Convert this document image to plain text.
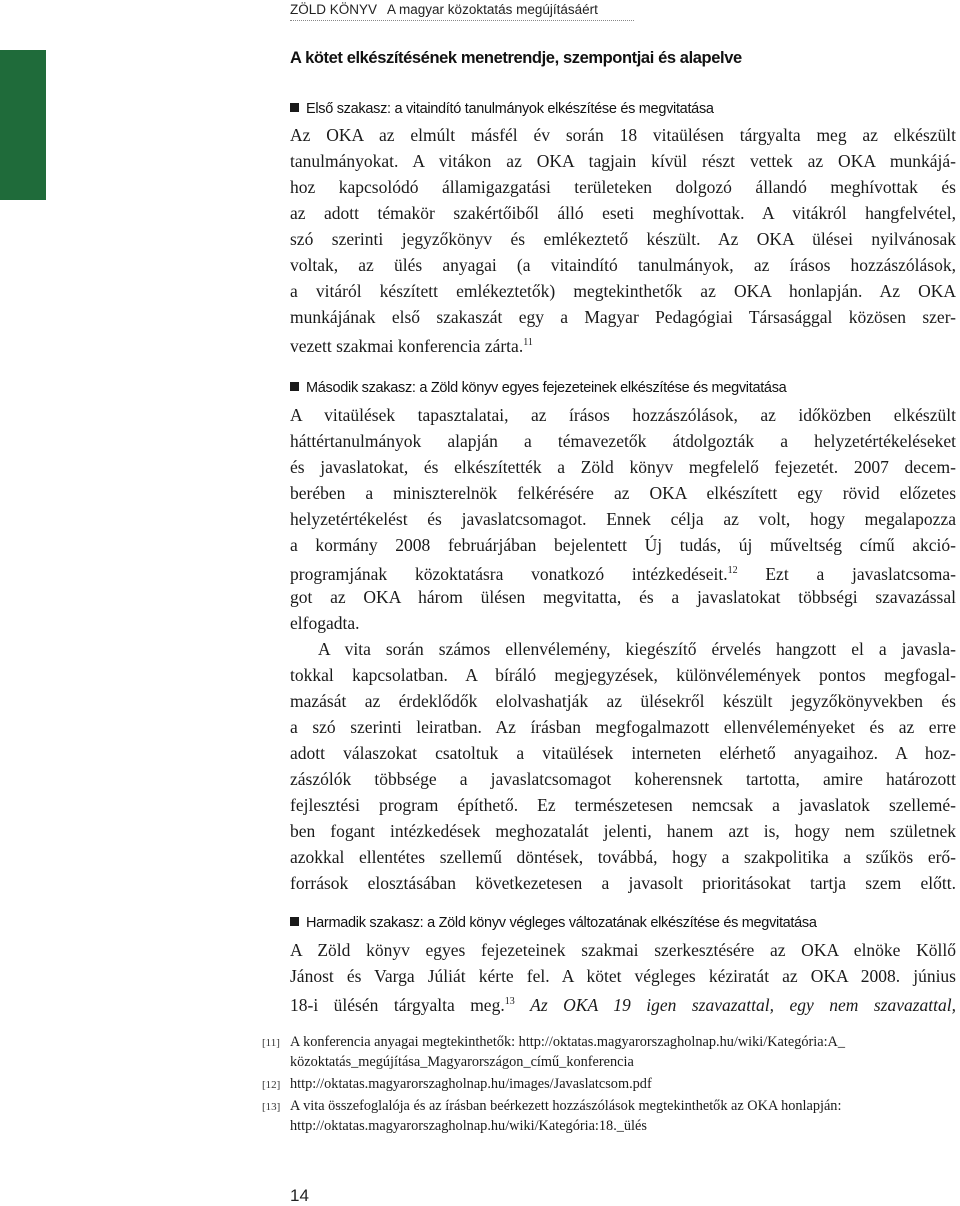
ZÖLD KÖNYV A magyar közoktatás megújításáért
A kötet elkészítésének menetrendje, szempontjai és alapelve
Első szakasz: a vitaindító tanulmányok elkészítése és megvitatása
Az OKA az elmúlt másfél év során 18 vitaülésen tárgyalta meg az elkészült
tanulmányokat. A vitákon az OKA tagjain kívül részt vettek az OKA munkájá-
hoz kapcsolódó államigazgatási területeken dolgozó állandó meghívottak és
az adott témakör szakértőiből álló eseti meghívottak. A vitákról hangfelvétel,
szó szerinti jegyzőkönyv és emlékeztető készült. Az OKA ülései nyilvánosak
voltak, az ülés anyagai (a vitaindító tanulmányok, az írásos hozzászólások,
a vitáról készített emlékeztetők) megtekinthetők az OKA honlapján. Az OKA
munkájának első szakaszát egy a Magyar Pedagógiai Társasággal közösen szer-
vezett szakmai konferencia zárta.$^{11}$
Második szakasz: a Zöld könyv egyes fejezeteinek elkészítése és megvitatása
A vitaülések tapasztalatai, az írásos hozzászólások, az időközben elkészült
háttértanulmányok alapján a témavezetők átdolgozták a helyzetértékeléseket
és javaslatokat, és elkészítették a Zöld könyv megfelelő fejezetét. 2007 decem-
berében a miniszterelnök felkérésére az OKA elkészített egy rövid előzetes
helyzetértékelést és javaslatcsomagot. Ennek célja az volt, hogy megalapozza
a kormány 2008 februárjában bejelentett Új tudás, új műveltség című akció-
programjának közoktatásra vonatkozó intézkedéseit.$^{12}$ Ezt a javaslatcsoma-
got az OKA három ülésen megvitatta, és a javaslatokat többségi szavazással
elfogadta.
A vita során számos ellenvélemény, kiegészítő érvelés hangzott el a javasla-
tokkal kapcsolatban. A bíráló megjegyzések, különvélemények pontos megfogal-
mazását az érdeklődők elolvashatják az ülésekről készült jegyzőkönyvekben és
a szó szerinti leiratban. Az írásban megfogalmazott ellenvéleményeket és az erre
adott válaszokat csatoltuk a vitaülések interneten elérhető anyagaihoz. A hoz-
zászólók többsége a javaslatcsomagot koherensnek tartotta, amire határozott
fejlesztési program építhető. Ez természetesen nemcsak a javaslatok szellemé-
ben fogant intézkedések meghozatalát jelenti, hanem azt is, hogy nem születnek
azokkal ellentétes szellemű döntések, továbbá, hogy a szakpolitika a szűkös erő-
források elosztásában következetesen a javasolt prioritásokat tartja szem előtt.
Harmadik szakasz: a Zöld könyv végleges változatának elkészítése és megvitatása
A Zöld könyv egyes fejezeteinek szakmai szerkesztésére az OKA elnöke Köllő
Jánost és Varga Júliát kérte fel. A kötet végleges kéziratát az OKA 2008. június
18-i ülésén tárgyalta meg.$^{13}$ Az OKA 19 igen szavazattal, egy nem szavazattal,
[11] A konferencia anyagai megtekinthetők: http://oktatas.magyarorszagholnap.hu/wiki/Kategória:A_
közoktatás_megújítása_Magyarországon_című_konferencia
[12] http://oktatas.magyarorszagholnap.hu/images/Javaslatcsom.pdf
[13] A vita összefoglalója és az írásban beérkezett hozzászólások megtekinthetők az OKA honlapján:
http://oktatas.magyarorszagholnap.hu/wiki/Kategória:18._ülés
14
